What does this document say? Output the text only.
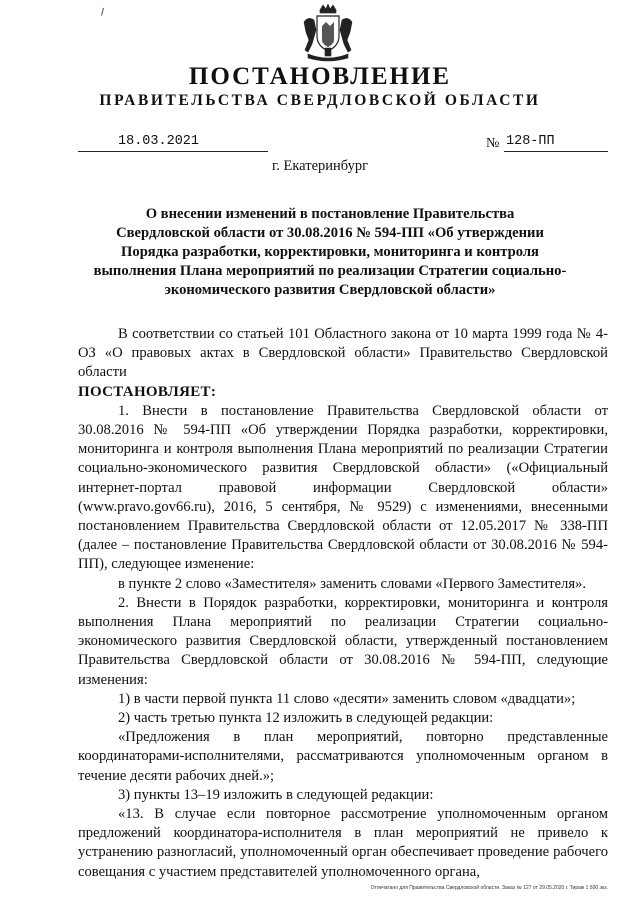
ПОСТАНОВЛЕНИЕ
ПРАВИТЕЛЬСТВА СВЕРДЛОВСКОЙ ОБЛАСТИ
18.03.2021	№ 128-ПП
г. Екатеринбург
О внесении изменений в постановление Правительства
Свердловской области от 30.08.2016 № 594-ПП «Об утверждении
Порядка разработки, корректировки, мониторинга и контроля
выполнения Плана мероприятий по реализации Стратегии социально-
экономического развития Свердловской области»

В соответствии со статьей 101 Областного закона от 10 марта 1999 года № 4-ОЗ «О правовых актах в Свердловской области» Правительство Свердловской области

ПОСТАНОВЛЯЕТ:

1. Внести в постановление Правительства Свердловской области от 30.08.2016 № 594-ПП «Об утверждении Порядка разработки, корректировки, мониторинга и контроля выполнения Плана мероприятий по реализации Стратегии социально-экономического развития Свердловской области» («Официальный интернет-портал правовой информации Свердловской области» (www.pravo.gov66.ru), 2016, 5 сентября, № 9529) с изменениями, внесенными постановлением Правительства Свердловской области от 12.05.2017 № 338-ПП (далее – постановление Правительства Свердловской области от 30.08.2016 № 594-ПП), следующее изменение:

в пункте 2 слово «Заместителя» заменить словами «Первого Заместителя».

2. Внести в Порядок разработки, корректировки, мониторинга и контроля выполнения Плана мероприятий по реализации Стратегии социально-экономического развития Свердловской области, утвержденный постановлением Правительства Свердловской области от 30.08.2016 № 594-ПП, следующие изменения:

1) в части первой пункта 11 слово «десяти» заменить словом «двадцати»;

2) часть третью пункта 12 изложить в следующей редакции:

«Предложения в план мероприятий, повторно представленные координаторами-исполнителями, рассматриваются уполномоченным органом в течение десяти рабочих дней.»;

3) пункты 13–19 изложить в следующей редакции:

«13. В случае если повторное рассмотрение уполномоченным органом предложений координатора-исполнителя в план мероприятий не привело к устранению разногласий, уполномоченный орган обеспечивает проведение рабочего совещания с участием представителей уполномоченного органа,

Отпечатано для Правительства Свердловской области. Заказ № 127 от 29.05.2020 г. Тираж 1 500 экз.
